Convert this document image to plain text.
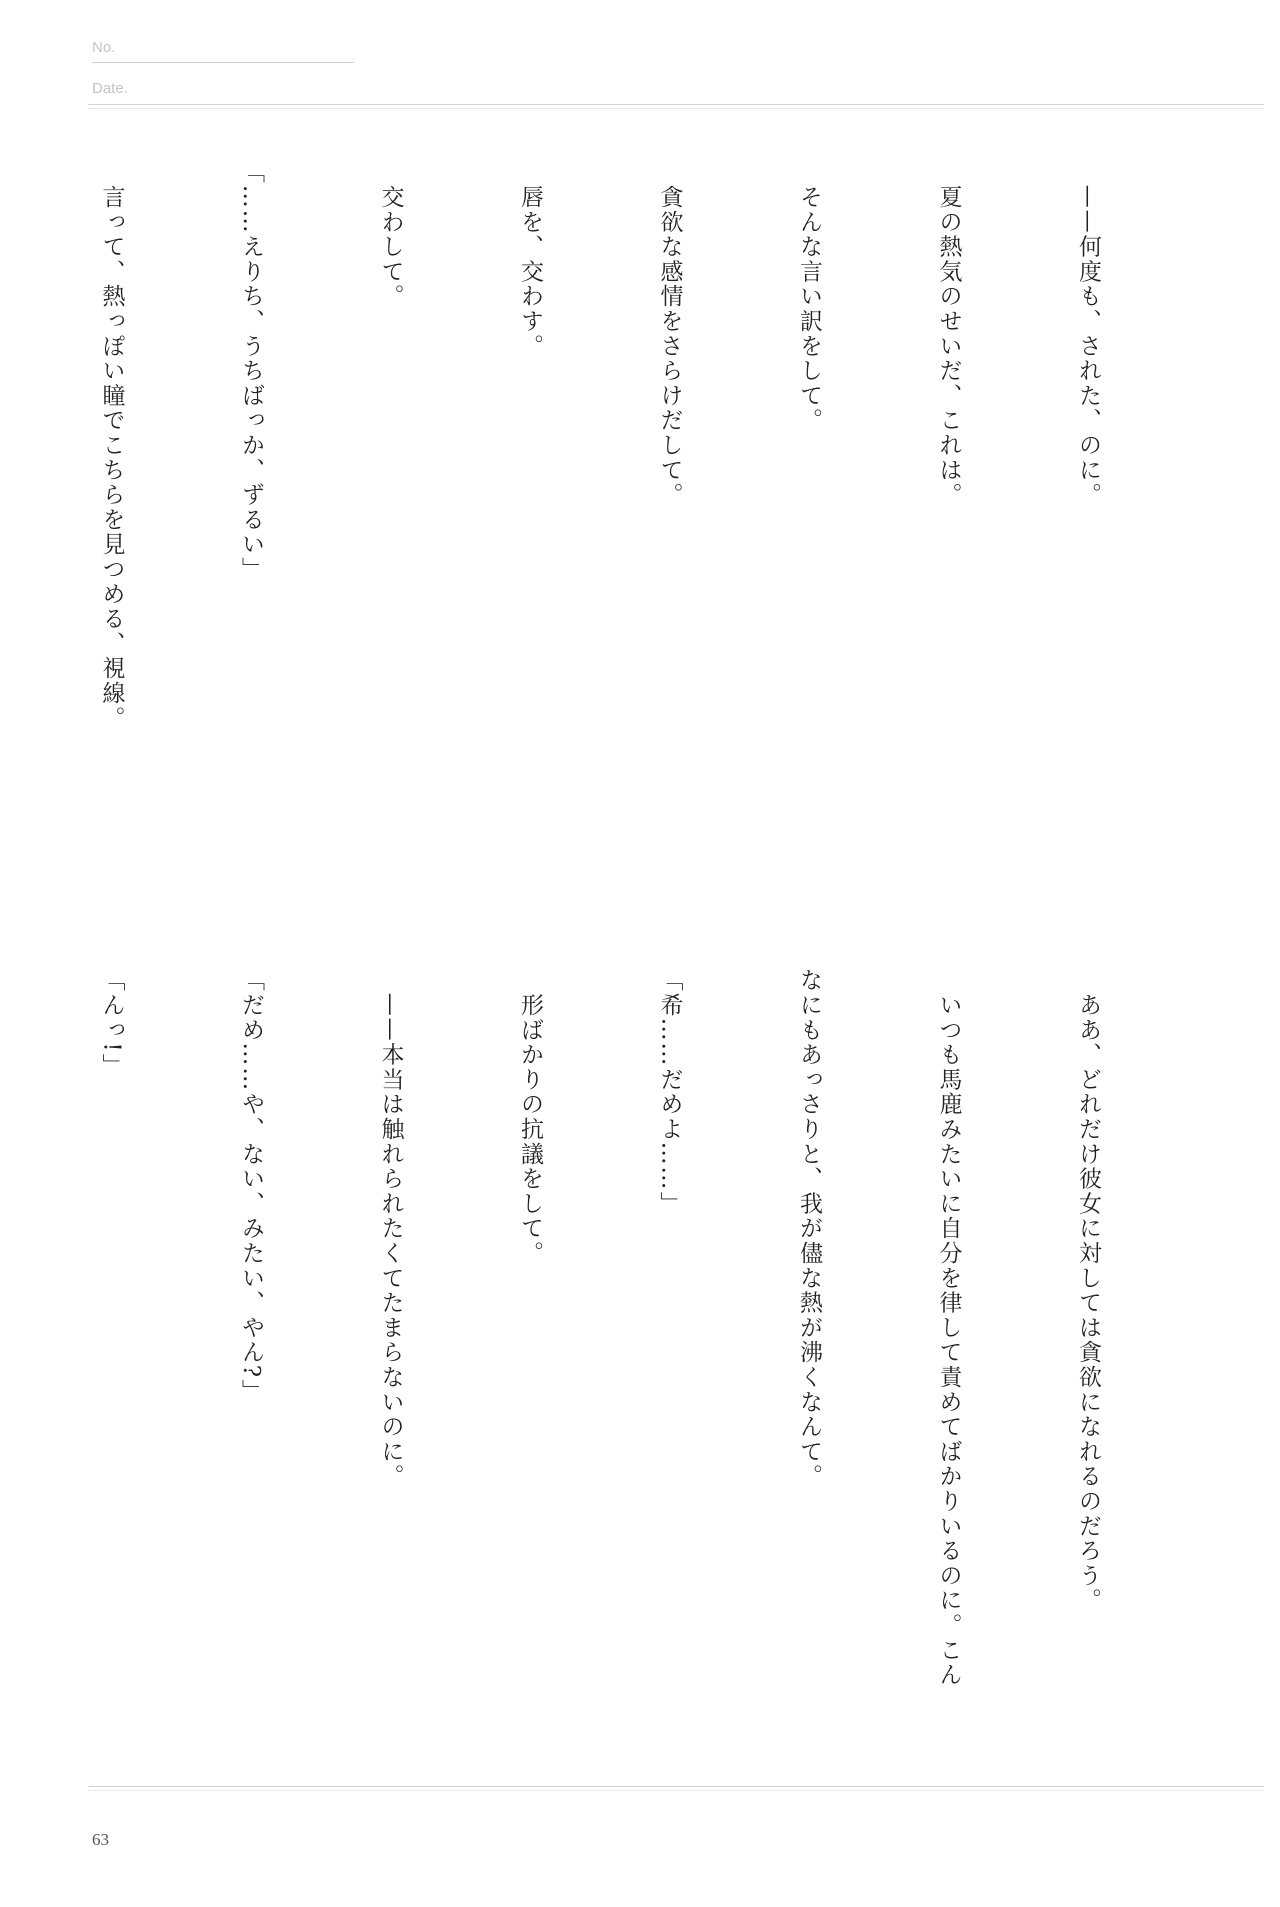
No.
Date.

　——何度も、された、のに。

　夏の熱気のせいだ、これは。

　そんな言い訳をして。

　貪欲な感情をさらけだして。

　唇を、交わす。

　交わして。

「……えりち、うちばっか、ずるい」

　言って、熱っぽい瞳でこちらを見つめる、視線。

　ああ、どれだけ彼女に対しては貪欲になれるのだろう。

　いつも馬鹿みたいに自分を律して責めてばかりいるのに。こん

なにもあっさりと、我が儘な熱が沸くなんて。

「希……だめよ……」

　形ばかりの抗議をして。

　——本当は触れられたくてたまらないのに。

「だめ……や、ない、みたい、やん?」

「んっ!」

63
